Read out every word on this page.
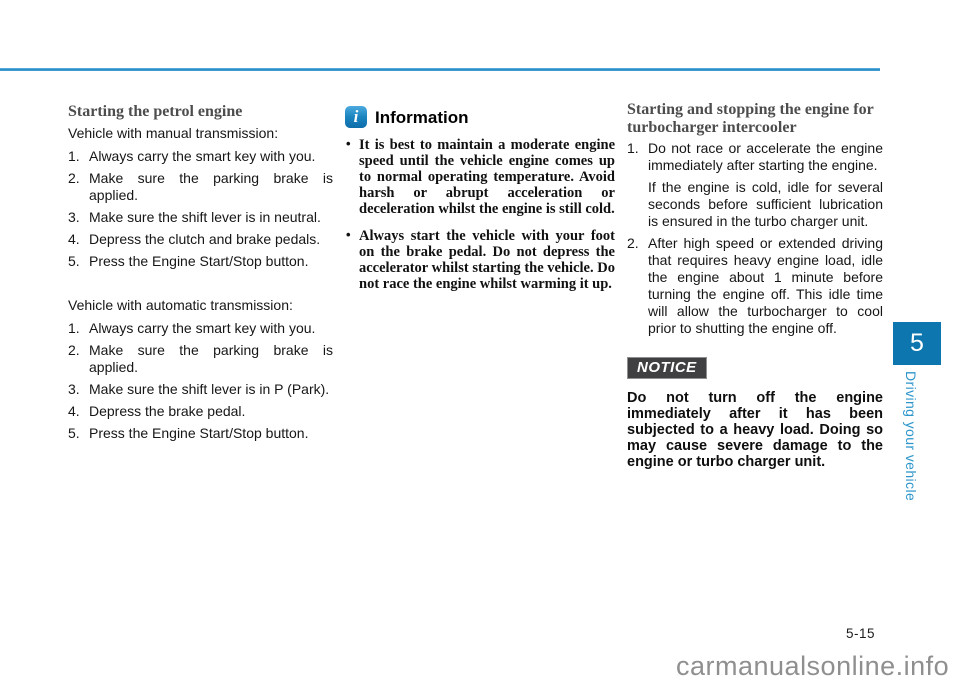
Starting the petrol engine

Vehicle with manual transmission:

1. Always carry the smart key with you.
2. Make sure the parking brake is applied.
3. Make sure the shift lever is in neutral.
4. Depress the clutch and brake pedals.
5. Press the Engine Start/Stop button.

Vehicle with automatic transmission:

1. Always carry the smart key with you.
2. Make sure the parking brake is applied.
3. Make sure the shift lever is in P (Park).
4. Depress the brake pedal.
5. Press the Engine Start/Stop button.
i Information
• It is best to maintain a moderate engine speed until the vehicle engine comes up to normal operating temperature. Avoid harsh or abrupt acceleration or deceleration whilst the engine is still cold.
• Always start the vehicle with your foot on the brake pedal. Do not depress the accelerator whilst starting the vehicle. Do not race the engine whilst warming it up.
Starting and stopping the engine for turbocharger intercooler
1. Do not race or accelerate the engine immediately after starting the engine.
If the engine is cold, idle for several seconds before sufficient lubrication is ensured in the turbo charger unit.
2. After high speed or extended driving that requires heavy engine load, idle the engine about 1 minute before turning the engine off. This idle time will allow the turbocharger to cool prior to shutting the engine off.
NOTICE
Do not turn off the engine immediately after it has been subjected to a heavy load. Doing so may cause severe damage to the engine or turbo charger unit.
5
Driving your vehicle
5-15
carmanualsonline.info
